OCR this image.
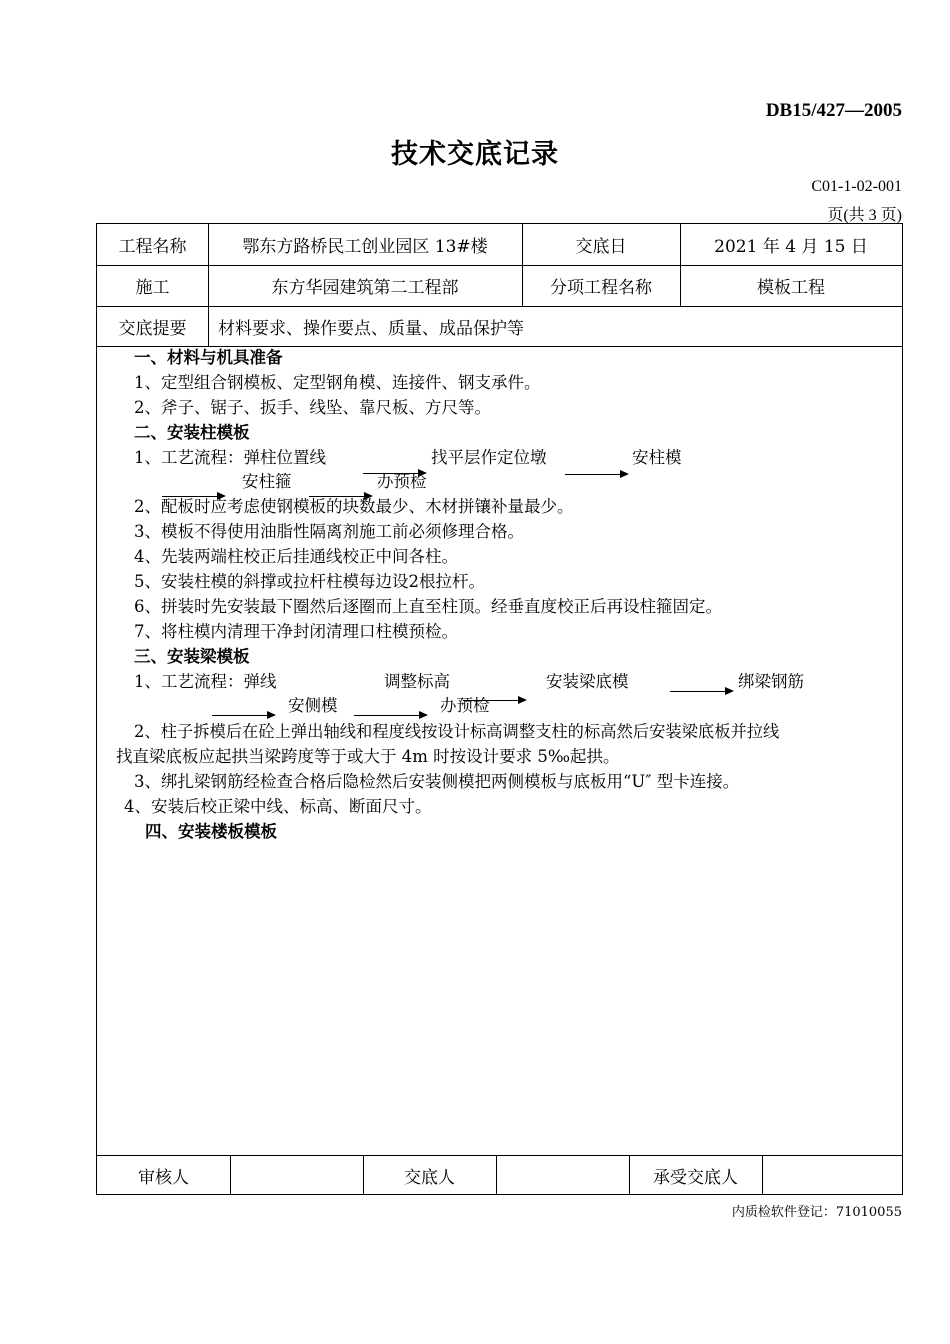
DB15/427—2005
技术交底记录
C01-1-02-001
页(共 3 页)
工程名称	鄂东方路桥民工创业园区 13#楼	交底日	2021 年 4 月 15 日
施工	东方华园建筑第二工程部	分项工程名称	模板工程
交底提要	材料要求、操作要点、质量、成品保护等
审核人	交底人	承受交底人
一、材料与机具准备
1、定型组合钢模板、定型钢角模、连接件、钢支承件。
2、斧子、锯子、扳手、线坠、靠尺板、方尺等。
二、安装柱模板
1、工艺流程：弹柱位置线	找平层作定位墩	安柱模
安柱箍	办预检
2、配板时应考虑使钢模板的块数最少、木材拼镶补量最少。
3、模板不得使用油脂性隔离剂施工前必须修理合格。
4、先装两端柱校正后挂通线校正中间各柱。
5、安装柱模的斜撑或拉杆柱模每边设2根拉杆。
6、拼装时先安装最下圈然后逐圈而上直至柱顶。经垂直度校正后再设柱箍固定。
7、将柱模内清理干净封闭清理口柱模预检。
三、安装梁模板
1、工艺流程：弹线	调整标高	安装梁底模	绑梁钢筋
安侧模	办预检
2、柱子拆模后在砼上弹出轴线和程度线按设计标高调整支柱的标高然后安装梁底板并拉线
找直梁底板应起拱当梁跨度等于或大于 4m 时按设计要求 5‰起拱。
3、绑扎梁钢筋经检查合格后隐检然后安装侧模把两侧模板与底板用“U″ 型卡连接。
4、安装后校正梁中线、标高、断面尺寸。
四、安装楼板模板
内质检软件登记：71010055
